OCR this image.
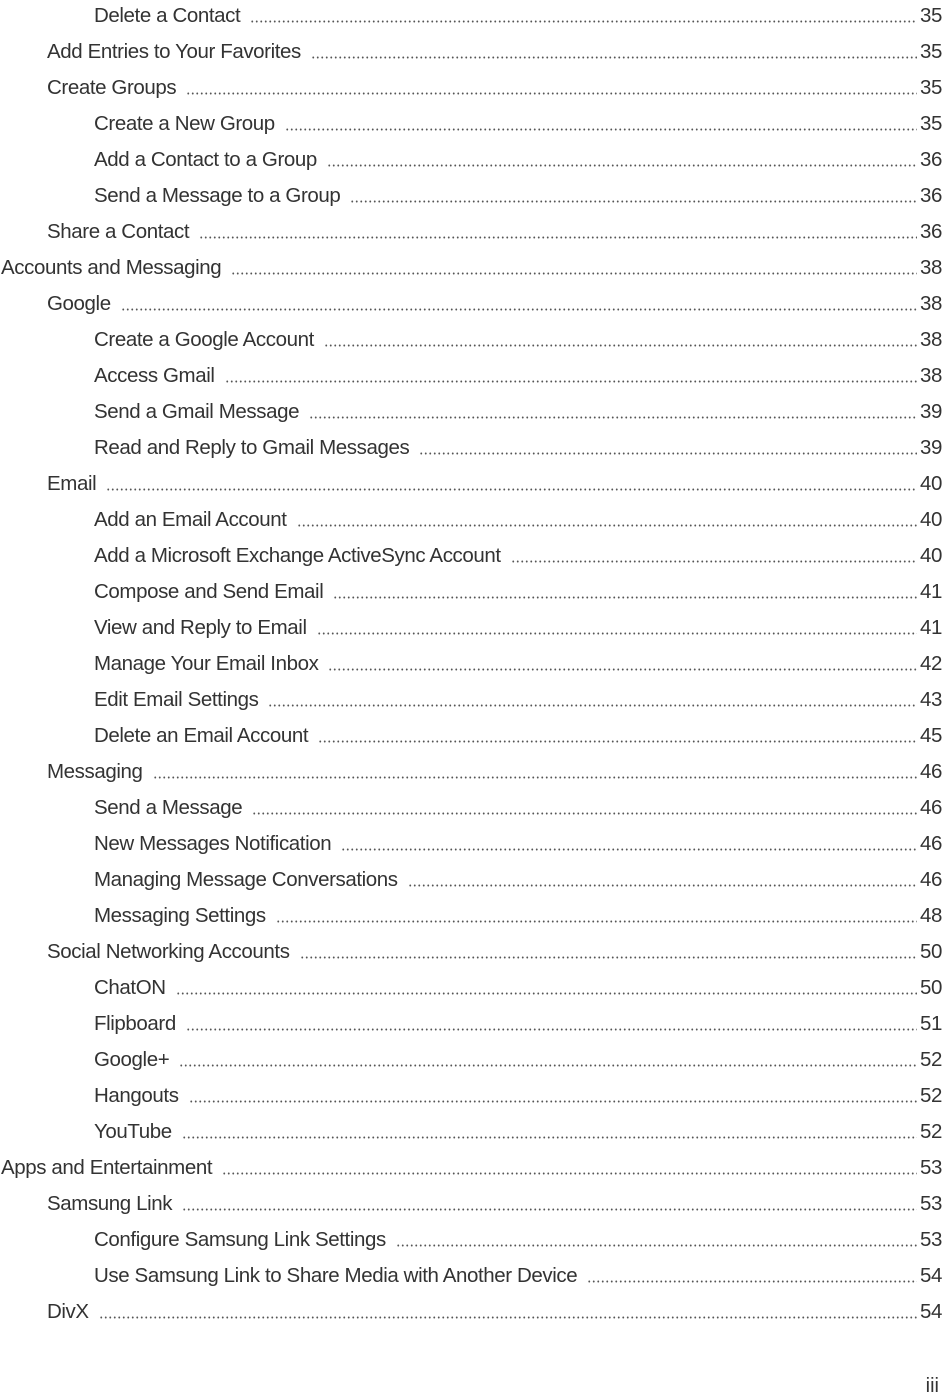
Delete a Contact	35
Add Entries to Your Favorites	35
Create Groups	35
Create a New Group	35
Add a Contact to a Group	36
Send a Message to a Group	36
Share a Contact	36
Accounts and Messaging	38
Google	38
Create a Google Account	38
Access Gmail	38
Send a Gmail Message	39
Read and Reply to Gmail Messages	39
Email	40
Add an Email Account	40
Add a Microsoft Exchange ActiveSync Account	40
Compose and Send Email	41
View and Reply to Email	41
Manage Your Email Inbox	42
Edit Email Settings	43
Delete an Email Account	45
Messaging	46
Send a Message	46
New Messages Notification	46
Managing Message Conversations	46
Messaging Settings	48
Social Networking Accounts	50
ChatON	50
Flipboard	51
Google+	52
Hangouts	52
YouTube	52
Apps and Entertainment	53
Samsung Link	53
Configure Samsung Link Settings	53
Use Samsung Link to Share Media with Another Device	54
DivX	54
iii
